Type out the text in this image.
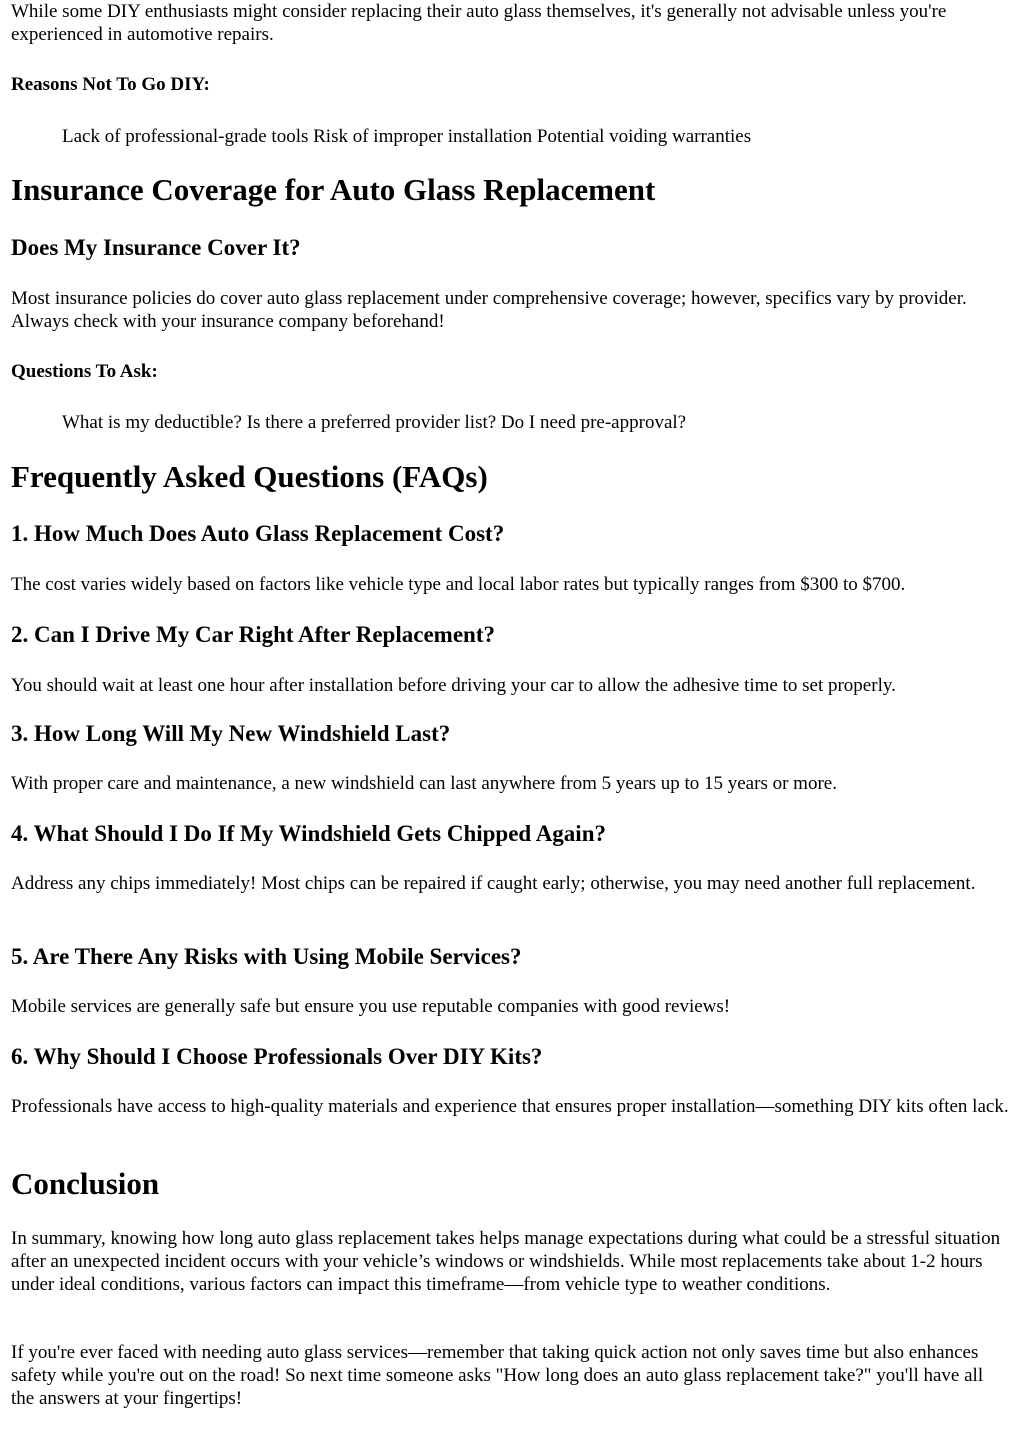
While some DIY enthusiasts might consider replacing their auto glass themselves, it's generally not advisable unless you're experienced in automotive repairs.

Reasons Not To Go DIY:

Lack of professional-grade tools Risk of improper installation Potential voiding warranties

Insurance Coverage for Auto Glass Replacement
Does My Insurance Cover It?

Most insurance policies do cover auto glass replacement under comprehensive coverage; however, specifics vary by provider. Always check with your insurance company beforehand!

Questions To Ask:

What is my deductible? Is there a preferred provider list? Do I need pre-approval?

Frequently Asked Questions (FAQs)
1. How Much Does Auto Glass Replacement Cost?

The cost varies widely based on factors like vehicle type and local labor rates but typically ranges from $300 to $700.

2. Can I Drive My Car Right After Replacement?

You should wait at least one hour after installation before driving your car to allow the adhesive time to set properly.

3. How Long Will My New Windshield Last?

With proper care and maintenance, a new windshield can last anywhere from 5 years up to 15 years or more.

4. What Should I Do If My Windshield Gets Chipped Again?

Address any chips immediately! Most chips can be repaired if caught early; otherwise, you may need another full replacement.

5. Are There Any Risks with Using Mobile Services?

Mobile services are generally safe but ensure you use reputable companies with good reviews!

6. Why Should I Choose Professionals Over DIY Kits?

Professionals have access to high-quality materials and experience that ensures proper installation—something DIY kits often lack.

Conclusion

In summary, knowing how long auto glass replacement takes helps manage expectations during what could be a stressful situation after an unexpected incident occurs with your vehicle’s windows or windshields. While most replacements take about 1-2 hours under ideal conditions, various factors can impact this timeframe—from vehicle type to weather conditions.

If you're ever faced with needing auto glass services—remember that taking quick action not only saves time but also enhances safety while you're out on the road! So next time someone asks "How long does an auto glass replacement take?" you'll have all the answers at your fingertips!
